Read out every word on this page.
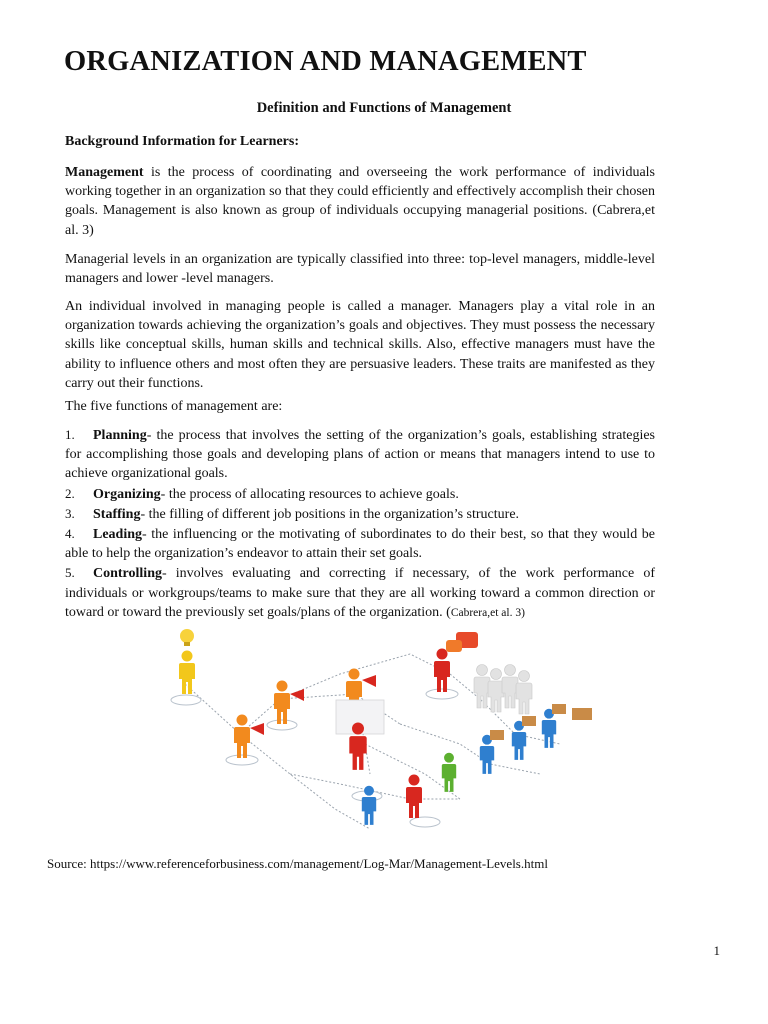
ORGANIZATION AND MANAGEMENT

Definition and Functions of Management

Background Information for Learners:

Management is the process of coordinating and overseeing the work performance of individuals working together in an organization so that they could efficiently and effectively accomplish their chosen goals. Management is also known as group of individuals occupying managerial positions. (Cabrera,et al. 3)

Managerial levels in an organization are typically classified into three: top-level managers, middle-level managers and lower -level managers.

An individual involved in managing people is called a manager. Managers play a vital role in an organization towards achieving the organization’s goals and objectives. They must possess the necessary skills like conceptual skills, human skills and technical skills. Also, effective managers must have the ability to influence others and most often they are persuasive leaders. These traits are manifested as they carry out their functions.

The five functions of management are:

1. Planning- the process that involves the setting of the organization’s goals, establishing strategies for accomplishing those goals and developing plans of action or means that managers intend to use to achieve organizational goals.
2. Organizing- the process of allocating resources to achieve goals.
3. Staffing- the filling of different job positions in the organization’s structure.
4. Leading- the influencing or the motivating of subordinates to do their best, so that they would be able to help the organization’s endeavor to attain their set goals.
5. Controlling- involves evaluating and correcting if necessary, of the work performance of individuals or workgroups/teams to make sure that they are all working toward a common direction or toward or toward the previously set goals/plans of the organization. (Cabrera,et al. 3)

Source: https://www.referenceforbusiness.com/management/Log-Mar/Management-Levels.html

1
